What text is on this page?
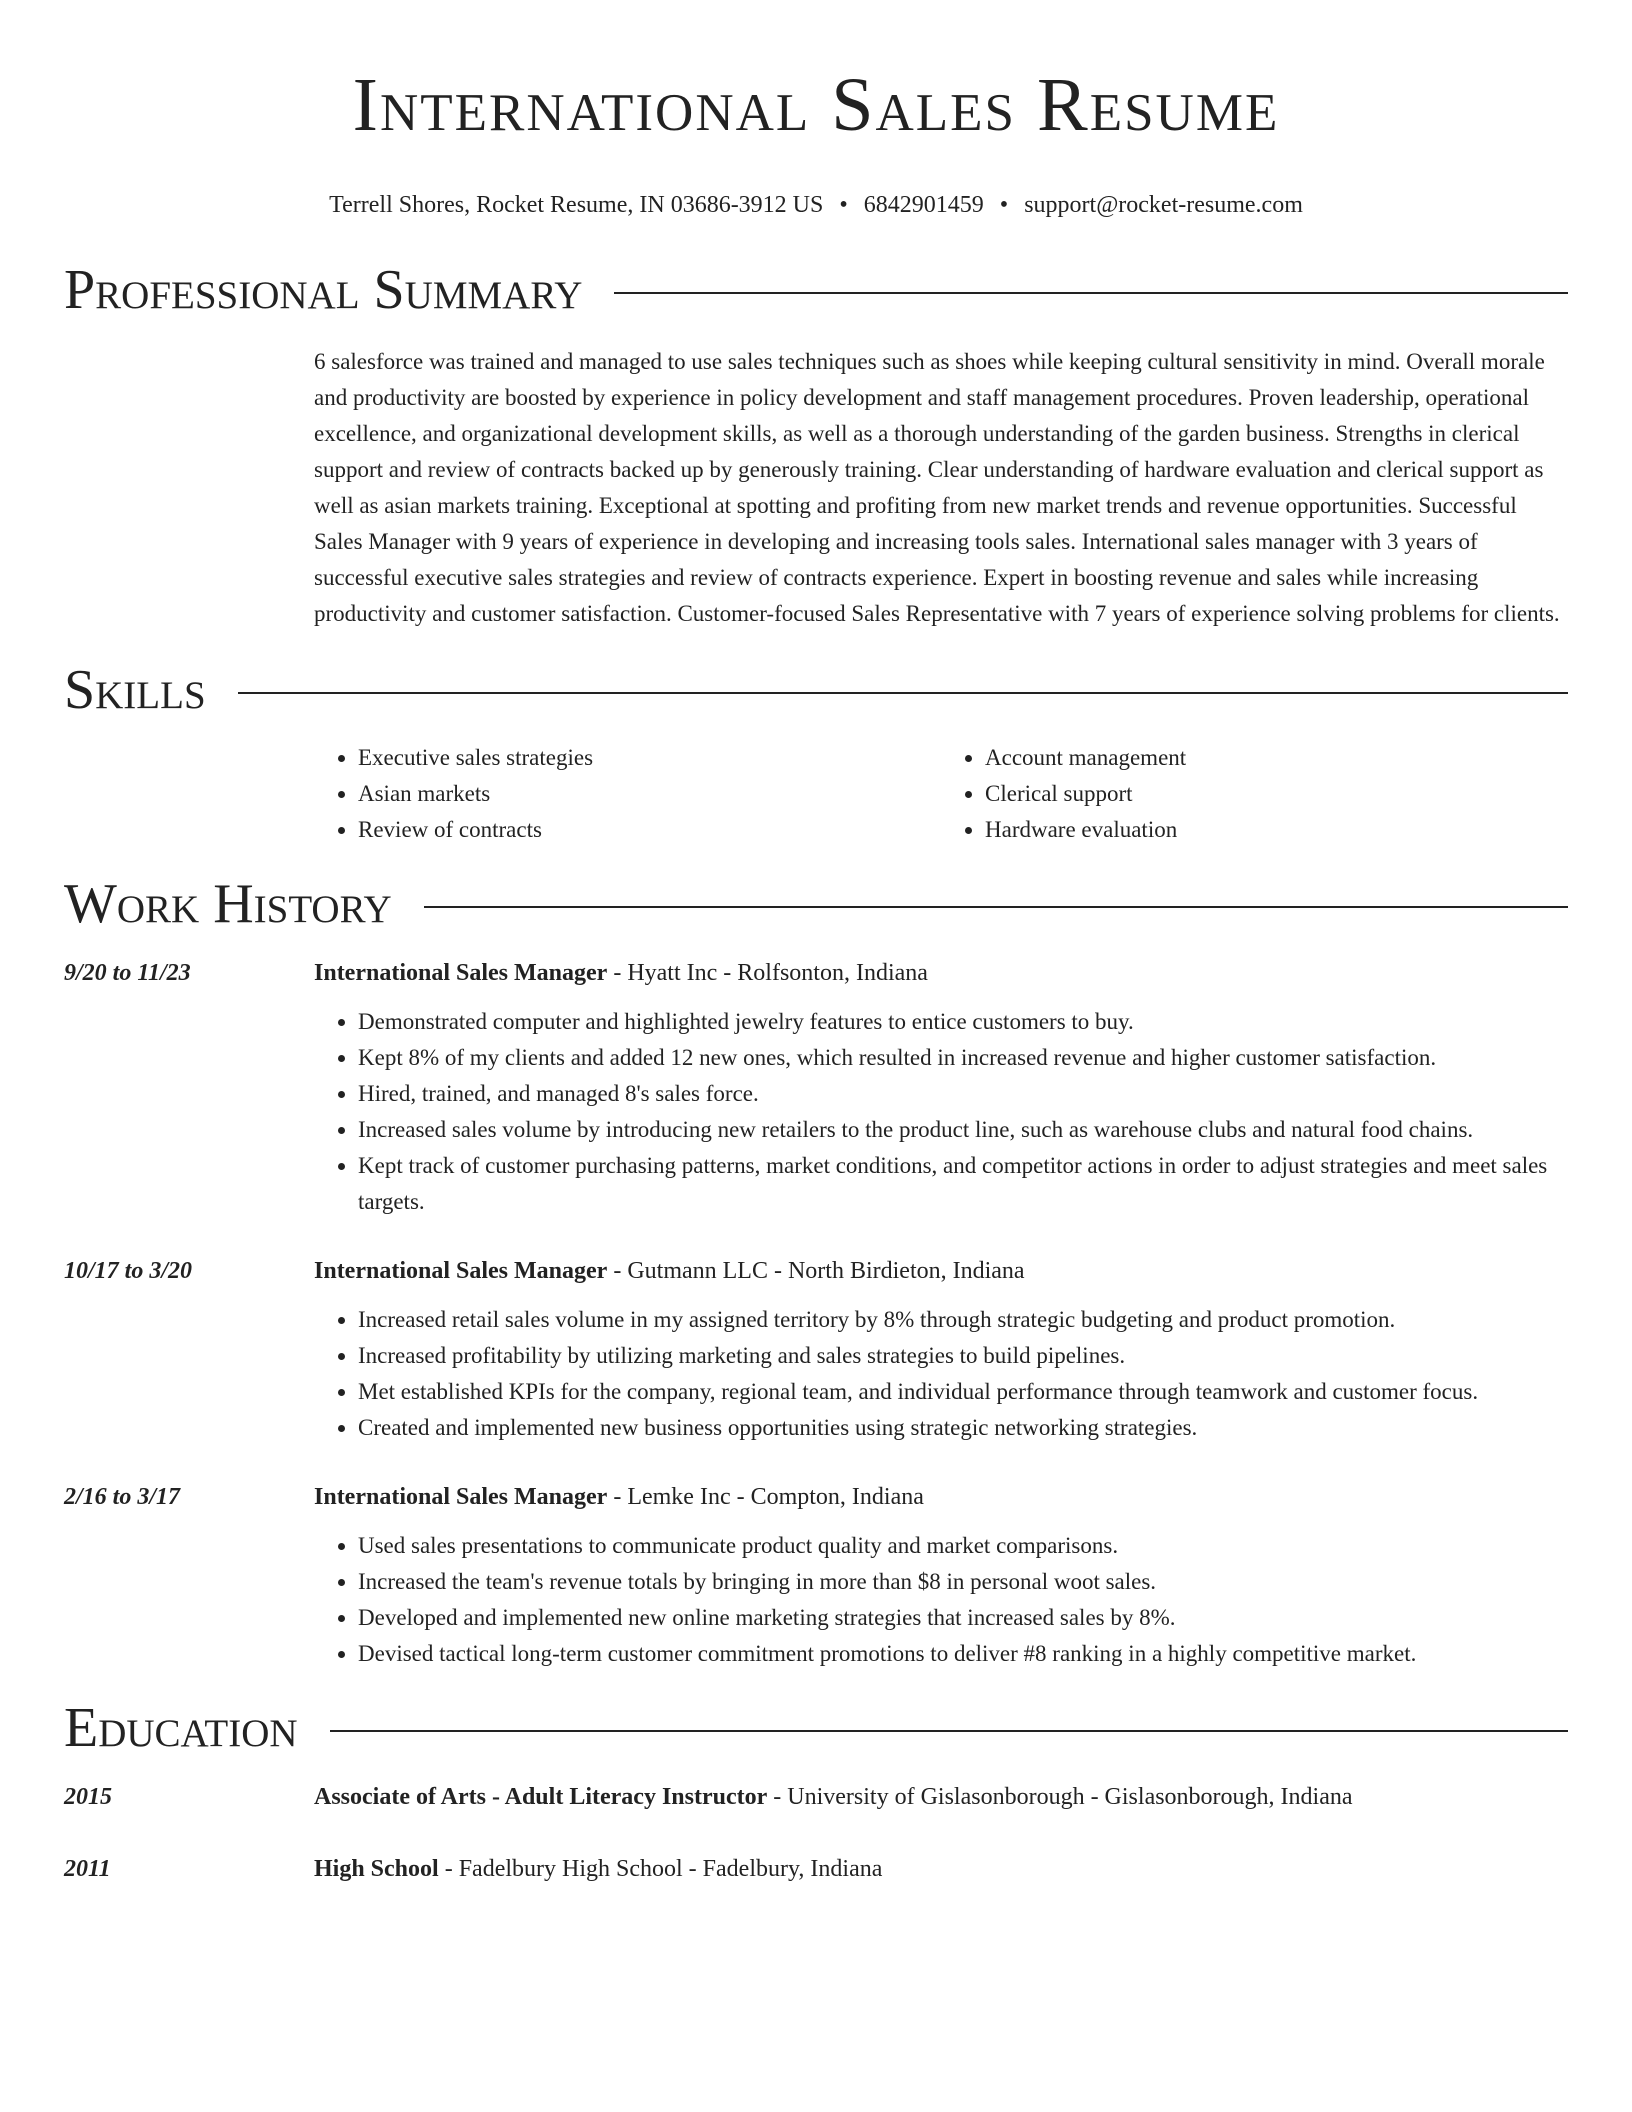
International Sales Resume
Terrell Shores, Rocket Resume, IN 03686-3912 US • 6842901459 • support@rocket-resume.com
Professional Summary

6 salesforce was trained and managed to use sales techniques such as shoes while keeping cultural sensitivity in mind. Overall morale and productivity are boosted by experience in policy development and staff management procedures. Proven leadership, operational excellence, and organizational development skills, as well as a thorough understanding of the garden business. Strengths in clerical support and review of contracts backed up by generously training. Clear understanding of hardware evaluation and clerical support as well as asian markets training. Exceptional at spotting and profiting from new market trends and revenue opportunities. Successful Sales Manager with 9 years of experience in developing and increasing tools sales. International sales manager with 3 years of successful executive sales strategies and review of contracts experience. Expert in boosting revenue and sales while increasing productivity and customer satisfaction. Customer-focused Sales Representative with 7 years of experience solving problems for clients.

Skills
• Executive sales strategies
• Asian markets
• Review of contracts
• Account management
• Clerical support
• Hardware evaluation
Work History
9/20 to 11/23	International Sales Manager - Hyatt Inc - Rolfsonton, Indiana
• Demonstrated computer and highlighted jewelry features to entice customers to buy.
• Kept 8% of my clients and added 12 new ones, which resulted in increased revenue and higher customer satisfaction.
• Hired, trained, and managed 8's sales force.
• Increased sales volume by introducing new retailers to the product line, such as warehouse clubs and natural food chains.
• Kept track of customer purchasing patterns, market conditions, and competitor actions in order to adjust strategies and meet sales targets.
10/17 to 3/20	International Sales Manager - Gutmann LLC - North Birdieton, Indiana
• Increased retail sales volume in my assigned territory by 8% through strategic budgeting and product promotion.
• Increased profitability by utilizing marketing and sales strategies to build pipelines.
• Met established KPIs for the company, regional team, and individual performance through teamwork and customer focus.
• Created and implemented new business opportunities using strategic networking strategies.
2/16 to 3/17	International Sales Manager - Lemke Inc - Compton, Indiana
• Used sales presentations to communicate product quality and market comparisons.
• Increased the team's revenue totals by bringing in more than $8 in personal woot sales.
• Developed and implemented new online marketing strategies that increased sales by 8%.
• Devised tactical long-term customer commitment promotions to deliver #8 ranking in a highly competitive market.
Education
2015	Associate of Arts - Adult Literacy Instructor - University of Gislasonborough - Gislasonborough, Indiana
2011	High School - Fadelbury High School - Fadelbury, Indiana
